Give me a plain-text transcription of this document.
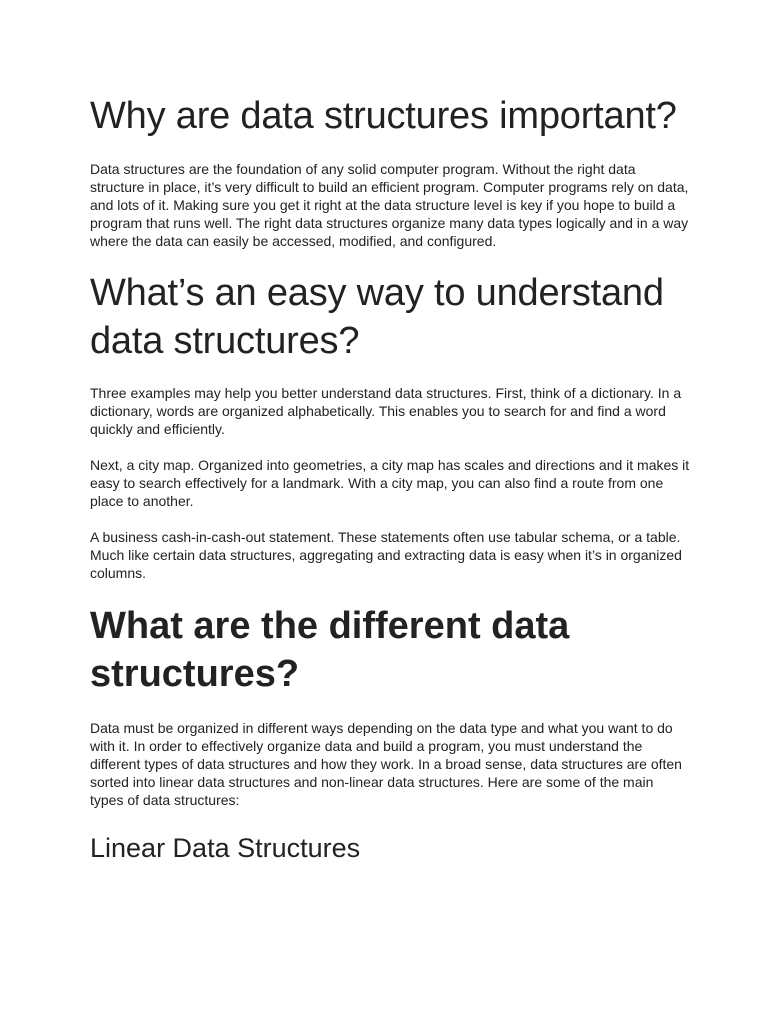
Why are data structures important?

Data structures are the foundation of any solid computer program. Without the right data structure in place, it’s very difficult to build an efficient program. Computer programs rely on data, and lots of it. Making sure you get it right at the data structure level is key if you hope to build a program that runs well. The right data structures organize many data types logically and in a way where the data can easily be accessed, modified, and configured.

What’s an easy way to understand data structures?

Three examples may help you better understand data structures. First, think of a dictionary. In a dictionary, words are organized alphabetically. This enables you to search for and find a word quickly and efficiently.

Next, a city map. Organized into geometries, a city map has scales and directions and it makes it easy to search effectively for a landmark. With a city map, you can also find a route from one place to another.

A business cash-in-cash-out statement. These statements often use tabular schema, or a table. Much like certain data structures, aggregating and extracting data is easy when it’s in organized columns.

What are the different data structures?

Data must be organized in different ways depending on the data type and what you want to do with it. In order to effectively organize data and build a program, you must understand the different types of data structures and how they work. In a broad sense, data structures are often sorted into linear data structures and non-linear data structures. Here are some of the main types of data structures:

Linear Data Structures
